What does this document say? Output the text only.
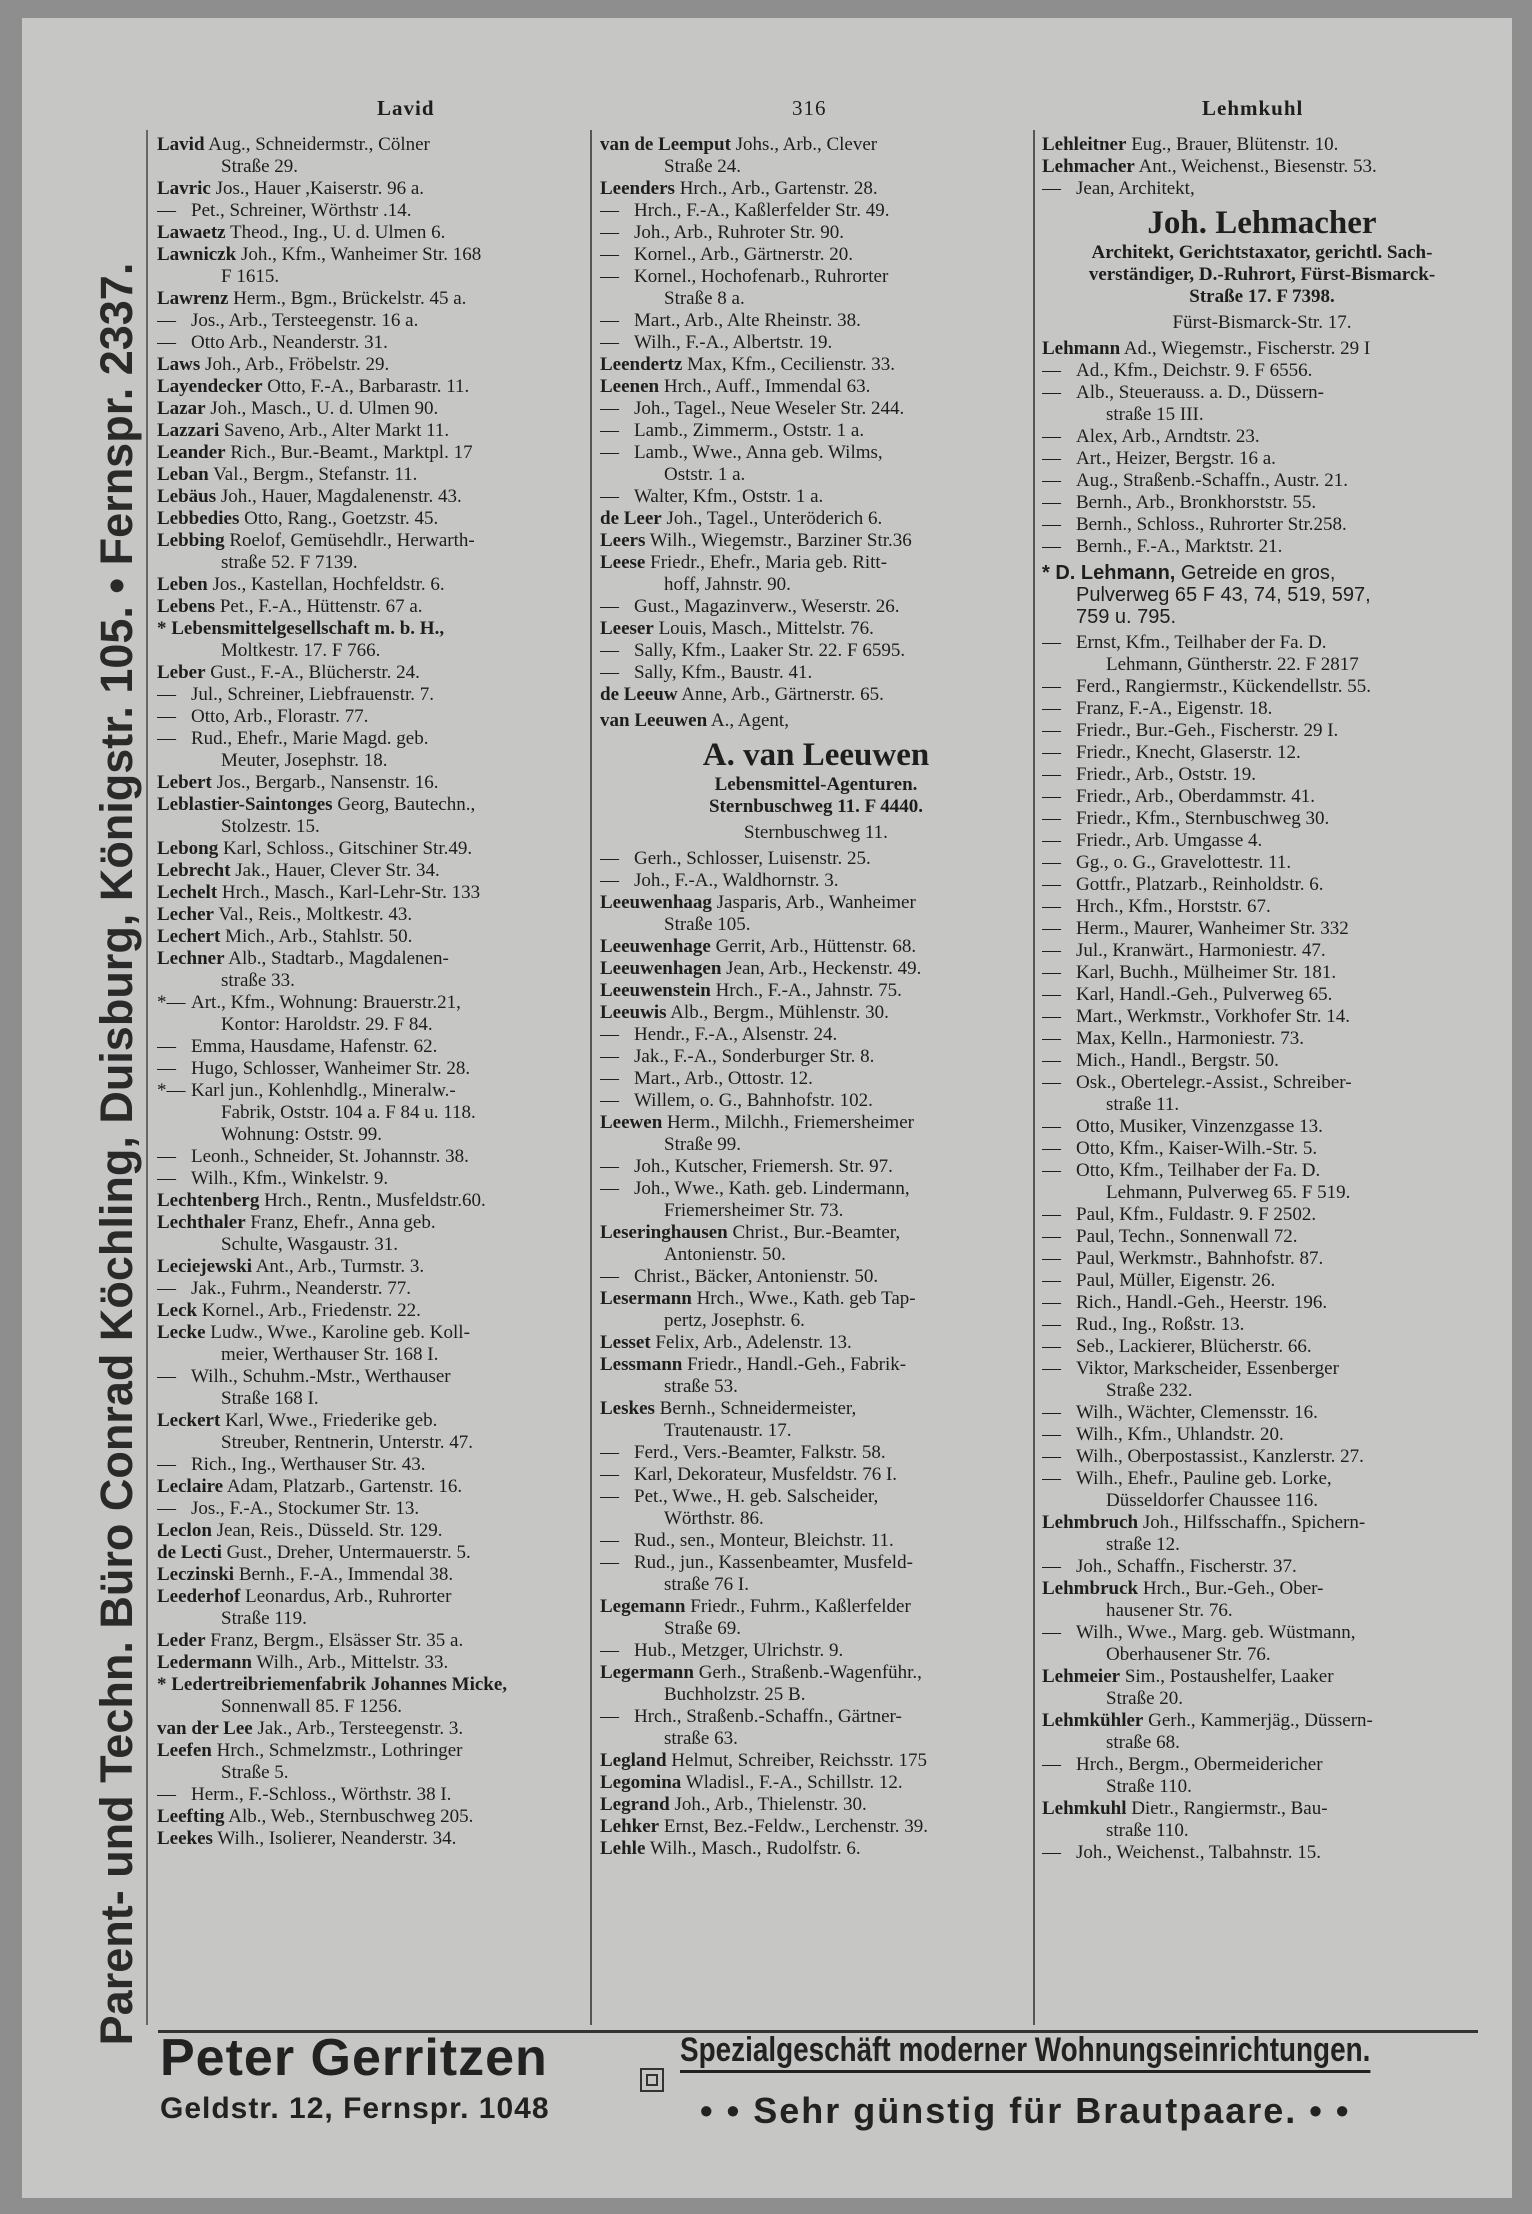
Lavid	316	Lehmkuhl
Parent- und Techn. Büro Conrad Köchling, Duisburg, Königstr. 105. • Fernspr. 2337.
Lavid Aug., Schneidermstr., Cölner
Straße 29.
Lavric Jos., Hauer ,Kaiserstr. 96 a.
— Pet., Schreiner, Wörthstr .14.
Lawaetz Theod., Ing., U. d. Ulmen 6.
Lawniczk Joh., Kfm., Wanheimer Str. 168
F 1615.
Lawrenz Herm., Bgm., Brückelstr. 45 a.
— Jos., Arb., Tersteegenstr. 16 a.
— Otto Arb., Neanderstr. 31.
Laws Joh., Arb., Fröbelstr. 29.
Layendecker Otto, F.-A., Barbarastr. 11.
Lazar Joh., Masch., U. d. Ulmen 90.
Lazzari Saveno, Arb., Alter Markt 11.
Leander Rich., Bur.-Beamt., Marktpl. 17
Leban Val., Bergm., Stefanstr. 11.
Lebäus Joh., Hauer, Magdalenenstr. 43.
Lebbedies Otto, Rang., Goetzstr. 45.
Lebbing Roelof, Gemüsehdlr., Herwarth-
straße 52. F 7139.
Leben Jos., Kastellan, Hochfeldstr. 6.
Lebens Pet., F.-A., Hüttenstr. 67 a.
* Lebensmittelgesellschaft m. b. H.,
Moltkestr. 17. F 766.
Leber Gust., F.-A., Blücherstr. 24.
— Jul., Schreiner, Liebfrauenstr. 7.
— Otto, Arb., Florastr. 77.
— Rud., Ehefr., Marie Magd. geb.
Meuter, Josephstr. 18.
Lebert Jos., Bergarb., Nansenstr. 16.
Leblastier-Saintonges Georg, Bautechn.,
Stolzestr. 15.
Lebong Karl, Schloss., Gitschiner Str.49.
Lebrecht Jak., Hauer, Clever Str. 34.
Lechelt Hrch., Masch., Karl-Lehr-Str. 133
Lecher Val., Reis., Moltkestr. 43.
Lechert Mich., Arb., Stahlstr. 50.
Lechner Alb., Stadtarb., Magdalenen-
straße 33.
*— Art., Kfm., Wohnung: Brauerstr.21,
Kontor: Haroldstr. 29. F 84.
— Emma, Hausdame, Hafenstr. 62.
— Hugo, Schlosser, Wanheimer Str. 28.
*— Karl jun., Kohlenhdlg., Mineralw.-
Fabrik, Oststr. 104 a. F 84 u. 118.
Wohnung: Oststr. 99.
— Leonh., Schneider, St. Johannstr. 38.
— Wilh., Kfm., Winkelstr. 9.
Lechtenberg Hrch., Rentn., Musfeldstr.60.
Lechthaler Franz, Ehefr., Anna geb.
Schulte, Wasgaustr. 31.
Leciejewski Ant., Arb., Turmstr. 3.
— Jak., Fuhrm., Neanderstr. 77.
Leck Kornel., Arb., Friedenstr. 22.
Lecke Ludw., Wwe., Karoline geb. Koll-
meier, Werthauser Str. 168 I.
— Wilh., Schuhm.-Mstr., Werthauser
Straße 168 I.
Leckert Karl, Wwe., Friederike geb.
Streuber, Rentnerin, Unterstr. 47.
— Rich., Ing., Werthauser Str. 43.
Leclaire Adam, Platzarb., Gartenstr. 16.
— Jos., F.-A., Stockumer Str. 13.
Leclon Jean, Reis., Düsseld. Str. 129.
de Lecti Gust., Dreher, Untermauerstr. 5.
Leczinski Bernh., F.-A., Immendal 38.
Leederhof Leonardus, Arb., Ruhrorter
Straße 119.
Leder Franz, Bergm., Elsässer Str. 35 a.
Ledermann Wilh., Arb., Mittelstr. 33.
* Ledertreibriemenfabrik Johannes Micke,
Sonnenwall 85. F 1256.
van der Lee Jak., Arb., Tersteegenstr. 3.
Leefen Hrch., Schmelzmstr., Lothringer
Straße 5.
— Herm., F.-Schloss., Wörthstr. 38 I.
Leefting Alb., Web., Sternbuschweg 205.
Leekes Wilh., Isolierer, Neanderstr. 34.
van de Leemput Johs., Arb., Clever
Straße 24.
Leenders Hrch., Arb., Gartenstr. 28.
— Hrch., F.-A., Kaßlerfelder Str. 49.
— Joh., Arb., Ruhroter Str. 90.
— Kornel., Arb., Gärtnerstr. 20.
— Kornel., Hochofenarb., Ruhrorter
Straße 8 a.
— Mart., Arb., Alte Rheinstr. 38.
— Wilh., F.-A., Albertstr. 19.
Leendertz Max, Kfm., Cecilienstr. 33.
Leenen Hrch., Auff., Immendal 63.
— Joh., Tagel., Neue Weseler Str. 244.
— Lamb., Zimmerm., Oststr. 1 a.
— Lamb., Wwe., Anna geb. Wilms,
Oststr. 1 a.
— Walter, Kfm., Oststr. 1 a.
de Leer Joh., Tagel., Unteröderich 6.
Leers Wilh., Wiegemstr., Barziner Str.36
Leese Friedr., Ehefr., Maria geb. Ritt-
hoff, Jahnstr. 90.
— Gust., Magazinverw., Weserstr. 26.
Leeser Louis, Masch., Mittelstr. 76.
— Sally, Kfm., Laaker Str. 22. F 6595.
— Sally, Kfm., Baustr. 41.
de Leeuw Anne, Arb., Gärtnerstr. 65.
van Leeuwen A., Agent,
A. van Leeuwen
Lebensmittel-Agenturen.
Sternbuschweg 11. F 4440.
Sternbuschweg 11.
— Gerh., Schlosser, Luisenstr. 25.
— Joh., F.-A., Waldhornstr. 3.
Leeuwenhaag Jasparis, Arb., Wanheimer
Straße 105.
Leeuwenhage Gerrit, Arb., Hüttenstr. 68.
Leeuwenhagen Jean, Arb., Heckenstr. 49.
Leeuwenstein Hrch., F.-A., Jahnstr. 75.
Leeuwis Alb., Bergm., Mühlenstr. 30.
— Hendr., F.-A., Alsenstr. 24.
— Jak., F.-A., Sonderburger Str. 8.
— Mart., Arb., Ottostr. 12.
— Willem, o. G., Bahnhofstr. 102.
Leewen Herm., Milchh., Friemersheimer
Straße 99.
— Joh., Kutscher, Friemersh. Str. 97.
— Joh., Wwe., Kath. geb. Lindermann,
Friemersheimer Str. 73.
Leseringhausen Christ., Bur.-Beamter,
Antonienstr. 50.
— Christ., Bäcker, Antonienstr. 50.
Lesermann Hrch., Wwe., Kath. geb Tap-
pertz, Josephstr. 6.
Lesset Felix, Arb., Adelenstr. 13.
Lessmann Friedr., Handl.-Geh., Fabrik-
straße 53.
Leskes Bernh., Schneidermeister,
Trautenaustr. 17.
— Ferd., Vers.-Beamter, Falkstr. 58.
— Karl, Dekorateur, Musfeldstr. 76 I.
— Pet., Wwe., H. geb. Salscheider,
Wörthstr. 86.
— Rud., sen., Monteur, Bleichstr. 11.
— Rud., jun., Kassenbeamter, Musfeld-
straße 76 I.
Legemann Friedr., Fuhrm., Kaßlerfelder
Straße 69.
— Hub., Metzger, Ulrichstr. 9.
Legermann Gerh., Straßenb.-Wagenführ.,
Buchholzstr. 25 B.
— Hrch., Straßenb.-Schaffn., Gärtner-
straße 63.
Legland Helmut, Schreiber, Reichsstr. 175
Legomina Wladisl., F.-A., Schillstr. 12.
Legrand Joh., Arb., Thielenstr. 30.
Lehker Ernst, Bez.-Feldw., Lerchenstr. 39.
Lehle Wilh., Masch., Rudolfstr. 6.
Lehleitner Eug., Brauer, Blütenstr. 10.
Lehmacher Ant., Weichenst., Biesenstr. 53.
— Jean, Architekt,
Joh. Lehmacher
Architekt, Gerichtstaxator, gerichtl. Sach-
verständiger, D.-Ruhrort, Fürst-Bismarck-
Straße 17. F 7398.
Fürst-Bismarck-Str. 17.
Lehmann Ad., Wiegemstr., Fischerstr. 29 I
— Ad., Kfm., Deichstr. 9. F 6556.
— Alb., Steuerauss. a. D., Düssern-
straße 15 III.
— Alex, Arb., Arndtstr. 23.
— Art., Heizer, Bergstr. 16 a.
— Aug., Straßenb.-Schaffn., Austr. 21.
— Bernh., Arb., Bronkhorststr. 55.
— Bernh., Schloss., Ruhrorter Str.258.
— Bernh., F.-A., Marktstr. 21.
* D. Lehmann, Getreide en gros,
Pulverweg 65 F 43, 74, 519, 597,
759 u. 795.
— Ernst, Kfm., Teilhaber der Fa. D.
Lehmann, Güntherstr. 22. F 2817
— Ferd., Rangiermstr., Kückendellstr. 55.
— Franz, F.-A., Eigenstr. 18.
— Friedr., Bur.-Geh., Fischerstr. 29 I.
— Friedr., Knecht, Glaserstr. 12.
— Friedr., Arb., Oststr. 19.
— Friedr., Arb., Oberdammstr. 41.
— Friedr., Kfm., Sternbuschweg 30.
— Friedr., Arb. Umgasse 4.
— Gg., o. G., Gravelottestr. 11.
— Gottfr., Platzarb., Reinholdstr. 6.
— Hrch., Kfm., Horststr. 67.
— Herm., Maurer, Wanheimer Str. 332
— Jul., Kranwärt., Harmoniestr. 47.
— Karl, Buchh., Mülheimer Str. 181.
— Karl, Handl.-Geh., Pulverweg 65.
— Mart., Werkmstr., Vorkhofer Str. 14.
— Max, Kelln., Harmoniestr. 73.
— Mich., Handl., Bergstr. 50.
— Osk., Obertelegr.-Assist., Schreiber-
straße 11.
— Otto, Musiker, Vinzenzgasse 13.
— Otto, Kfm., Kaiser-Wilh.-Str. 5.
— Otto, Kfm., Teilhaber der Fa. D.
Lehmann, Pulverweg 65. F 519.
— Paul, Kfm., Fuldastr. 9. F 2502.
— Paul, Techn., Sonnenwall 72.
— Paul, Werkmstr., Bahnhofstr. 87.
— Paul, Müller, Eigenstr. 26.
— Rich., Handl.-Geh., Heerstr. 196.
— Rud., Ing., Roßstr. 13.
— Seb., Lackierer, Blücherstr. 66.
— Viktor, Markscheider, Essenberger
Straße 232.
— Wilh., Wächter, Clemensstr. 16.
— Wilh., Kfm., Uhlandstr. 20.
— Wilh., Oberpostassist., Kanzlerstr. 27.
— Wilh., Ehefr., Pauline geb. Lorke,
Düsseldorfer Chaussee 116.
Lehmbruch Joh., Hilfsschaffn., Spichern-
straße 12.
— Joh., Schaffn., Fischerstr. 37.
Lehmbruck Hrch., Bur.-Geh., Ober-
hausener Str. 76.
— Wilh., Wwe., Marg. geb. Wüstmann,
Oberhausener Str. 76.
Lehmeier Sim., Postaushelfer, Laaker
Straße 20.
Lehmkühler Gerh., Kammerjäg., Düssern-
straße 68.
— Hrch., Bergm., Obermeidericher
Straße 110.
Lehmkuhl Dietr., Rangiermstr., Bau-
straße 110.
— Joh., Weichenst., Talbahnstr. 15.
Peter Gerritzen
Geldstr. 12, Fernspr. 1048
Spezialgeschäft moderner Wohnungseinrichtungen.
• • Sehr günstig für Brautpaare. • •
